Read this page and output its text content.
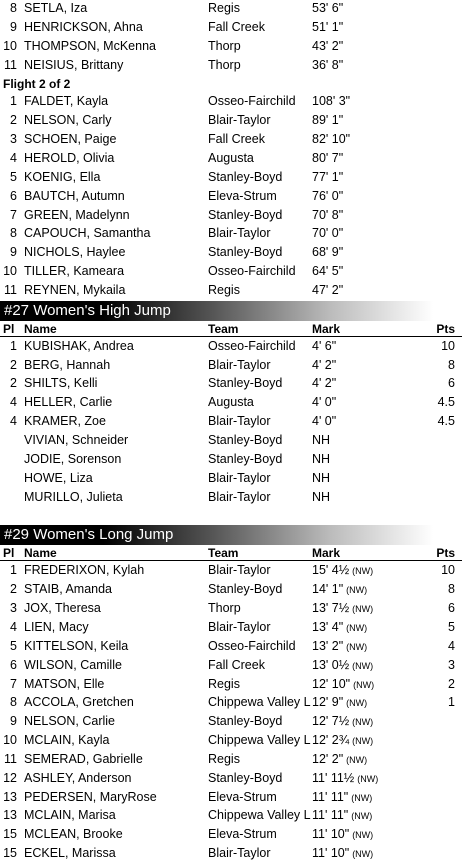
8 SETLA, Iza	Regis	53' 6"
9 HENRICKSON, Ahna	Fall Creek	51' 1"
10 THOMPSON, McKenna	Thorp	43' 2"
11 NEISIUS, Brittany	Thorp	36' 8"
Flight 2 of 2
1 FALDET, Kayla	Osseo-Fairchild 108' 3"
2 NELSON, Carly	Blair-Taylor	89' 1"
3 SCHOEN, Paige	Fall Creek	82' 10"
4 HEROLD, Olivia	Augusta	80' 7"
5 KOENIG, Ella	Stanley-Boyd 77' 1"
6 BAUTCH, Autumn	Eleva-Strum	76' 0"
7 GREEN, Madelynn	Stanley-Boyd 70' 8"
8 CAPOUCH, Samantha	Blair-Taylor	70' 0"
9 NICHOLS, Haylee	Stanley-Boyd 68' 9"
10 TILLER, Kameara	Osseo-Fairchild 64' 5"
11 REYNEN, Mykaila	Regis	47' 2"
#27 Women's High Jump
Pl Name	Team	Mark	Pts
1 KUBISHAK, Andrea	Osseo-Fairchild 4' 6"	10
2 BERG, Hannah	Blair-Taylor	4' 2"	8
2 SHILTS, Kelli	Stanley-Boyd 4' 2"	6
4 HELLER, Carlie	Augusta	4' 0"	4.5
4 KRAMER, Zoe	Blair-Taylor	4' 0"	4.5
VIVIAN, Schneider	Stanley-Boyd NH
JODIE, Sorenson	Stanley-Boyd NH
HOWE, Liza	Blair-Taylor	NH
MURILLO, Julieta	Blair-Taylor	NH
#29 Women's Long Jump
Pl Name	Team	Mark	Pts
1 FREDERIXON, Kylah	Blair-Taylor	15' 4½ (NW)	10
2 STAIB, Amanda	Stanley-Boyd 14' 1" (NW)	8
3 JOX, Theresa	Thorp	13' 7½ (NW)	6
4 LIEN, Macy	Blair-Taylor	13' 4" (NW)	5
5 KITTELSON, Keila	Osseo-Fairchild 13' 2" (NW)	4
6 WILSON, Camille	Fall Creek	13' 0½ (NW)	3
7 MATSON, Elle	Regis	12' 10" (NW)	2
8 ACCOLA, Gretchen	Chippewa Valley L 12' 9" (NW)	1
9 NELSON, Carlie	Stanley-Boyd 12' 7½ (NW)
10 MCLAIN, Kayla	Chippewa Valley L 12' 2¾ (NW)
11 SEMERAD, Gabrielle	Regis	12' 2" (NW)
12 ASHLEY, Anderson	Stanley-Boyd 11' 11½ (NW)
13 PEDERSEN, MaryRose	Eleva-Strum	11' 11" (NW)
13 MCLAIN, Marisa	Chippewa Valley L 11' 11" (NW)
15 MCLEAN, Brooke	Eleva-Strum	11' 10" (NW)
15 ECKEL, Marissa	Blair-Taylor	11' 10" (NW)
